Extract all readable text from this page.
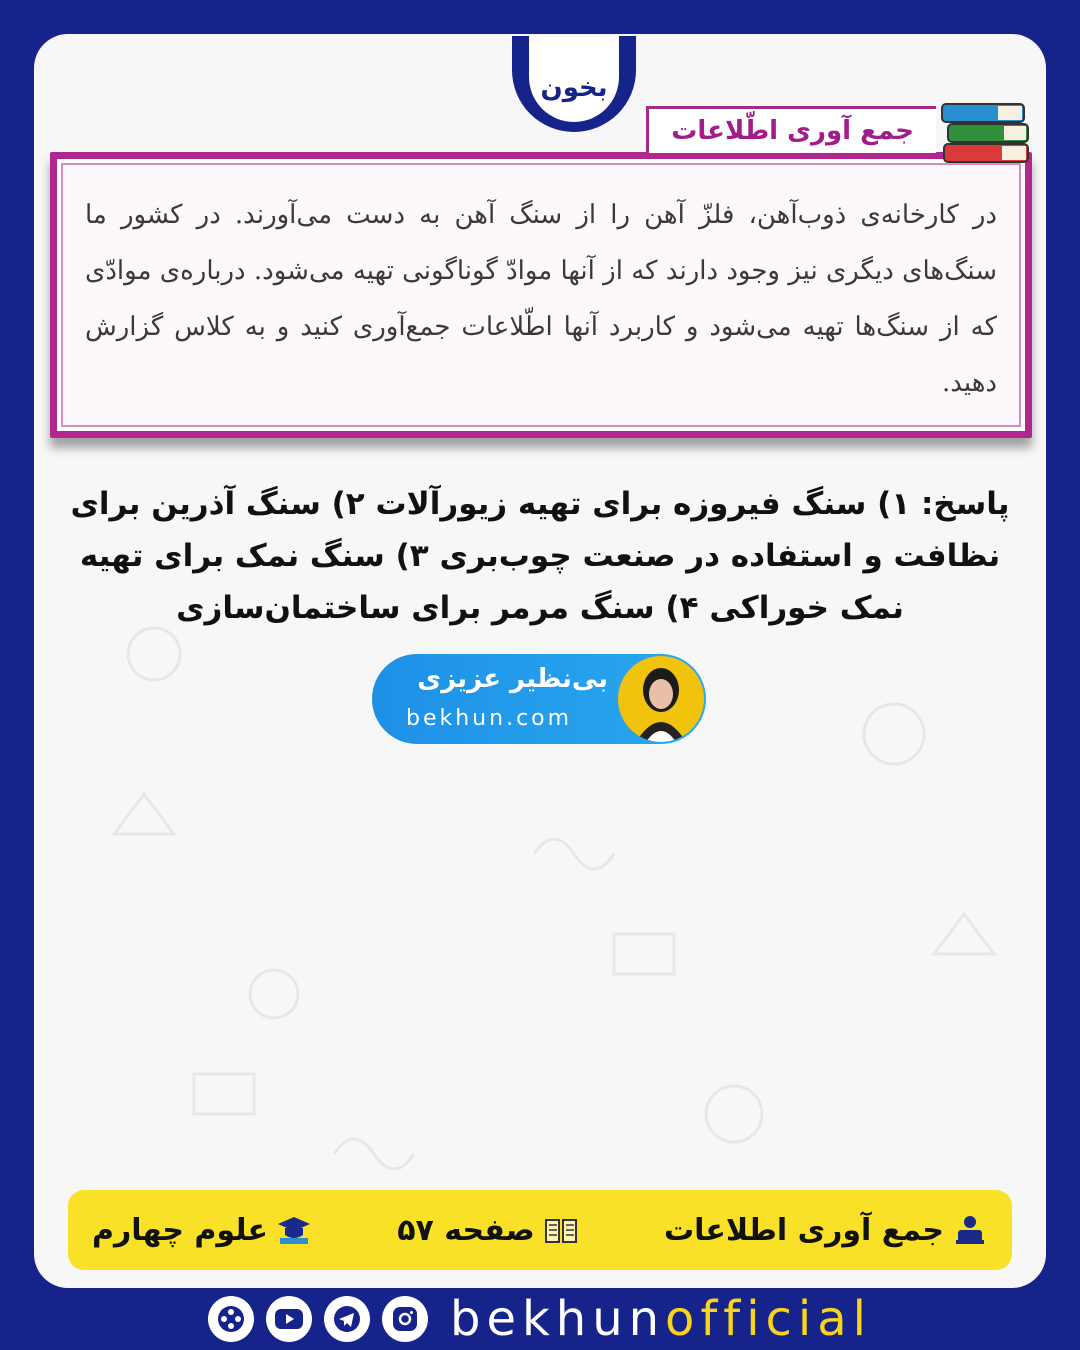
بخون
در کارخانه‌ی ذوب‌آهن، فلزّ آهن را از سنگ آهن به دست می‌آورند. در کشور ما سنگ‌های دیگری نیز وجود دارند که از آنها موادّ گوناگونی تهیه می‌شود. درباره‌ی موادّی که از سنگ‌ها تهیه می‌شود و کاربرد آنها اطّلاعات جمع‌آوری کنید و به کلاس گزارش دهید.
جمع آوری اطّلاعات
پاسخ: ۱) سنگ فیروزه برای تهیه زیورآلات ۲) سنگ آذرین برای نظافت و استفاده در صنعت چوب‌بری ۳) سنگ نمک برای تهیه نمک خوراکی ۴) سنگ مرمر برای ساختمان‌سازی
بی‌نظیر عزیزی
bekhun.com
جمع آوری اطلاعات
صفحه ۵۷
علوم چهارم
bekhunofficial
